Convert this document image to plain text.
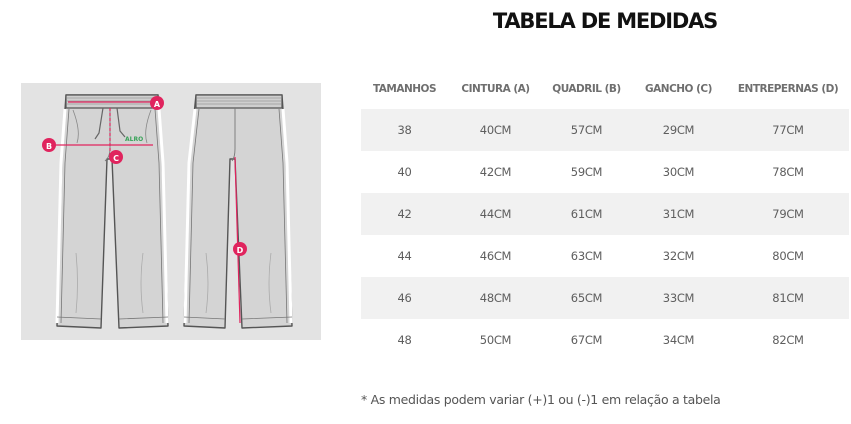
TABELA DE MEDIDAS
A
B
C
D
ALRO
TAMANHOS	CINTURA (A)	QUADRIL (B)	GANCHO (C)	ENTREPERNAS (D)
38	40CM	57CM	29CM	77CM
40	42CM	59CM	30CM	78CM
42	44CM	61CM	31CM	79CM
44	46CM	63CM	32CM	80CM
46	48CM	65CM	33CM	81CM
48	50CM	67CM	34CM	82CM
* As medidas podem variar (+)1 ou (-)1 em relação a tabela
